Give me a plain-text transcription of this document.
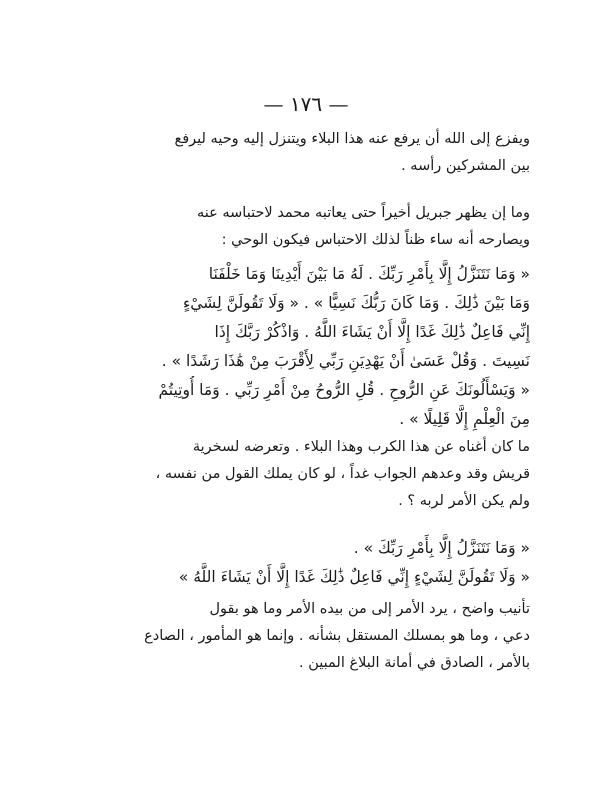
— ١٧٦ —
ويفزع إلى الله أن يرفع عنه هذا البلاء ويتنزل إليه وحيه ليرفع
بين المشركين رأسه .
وما إن يظهر جبريل أخيراً حتى يعاتبه محمد لاحتباسه عنه
ويصارحه أنه ساء ظناً لذلك الاحتباس فيكون الوحي :
« وَمَا نَتَنَزَّلُ إِلَّا بِأَمْرِ رَبِّكَ . لَهُ مَا بَيْنَ أَيْدِينَا وَمَا خَلْفَنَا
وَمَا بَيْنَ ذَٰلِكَ . وَمَا كَانَ رَبُّكَ نَسِيًّا » . « وَلَا تَقُولَنَّ لِشَيْءٍ
إِنِّي فَاعِلٌ ذَٰلِكَ غَدًا إِلَّا أَنْ يَشَاءَ اللَّهُ . وَاذْكُرْ رَبَّكَ إِذَا
نَسِيتَ . وَقُلْ عَسَىٰ أَنْ يَهْدِيَنِ رَبِّي لِأَقْرَبَ مِنْ هَٰذَا رَشَدًا » .
« وَيَسْأَلُونَكَ عَنِ الرُّوحِ . قُلِ الرُّوحُ مِنْ أَمْرِ رَبِّي . وَمَا أُوتِيتُمْ
مِنَ الْعِلْمِ إِلَّا قَلِيلًا » .
ما كان أغناه عن هذا الكرب وهذا البلاء . وتعرضه لسخرية
قريش وقد وعدهم الجواب غداً ، لو كان يملك القول من نفسه ،
ولم يكن الأمر لربه ؟ .
« وَمَا نَتَنَزَّلُ إِلَّا بِأَمْرِ رَبِّكَ » .
« وَلَا تَقُولَنَّ لِشَيْءٍ إِنِّي فَاعِلٌ ذَٰلِكَ غَدًا إِلَّا أَنْ يَشَاءَ اللَّهُ »
تأنيب واضح ، يرد الأمر إلى من بيده الأمر وما هو بقول
دعي ، وما هو بمسلك المستقل بشأنه . وإنما هو المأمور ، الصادع
بالأمر ، الصادق في أمانة البلاغ المبين .
